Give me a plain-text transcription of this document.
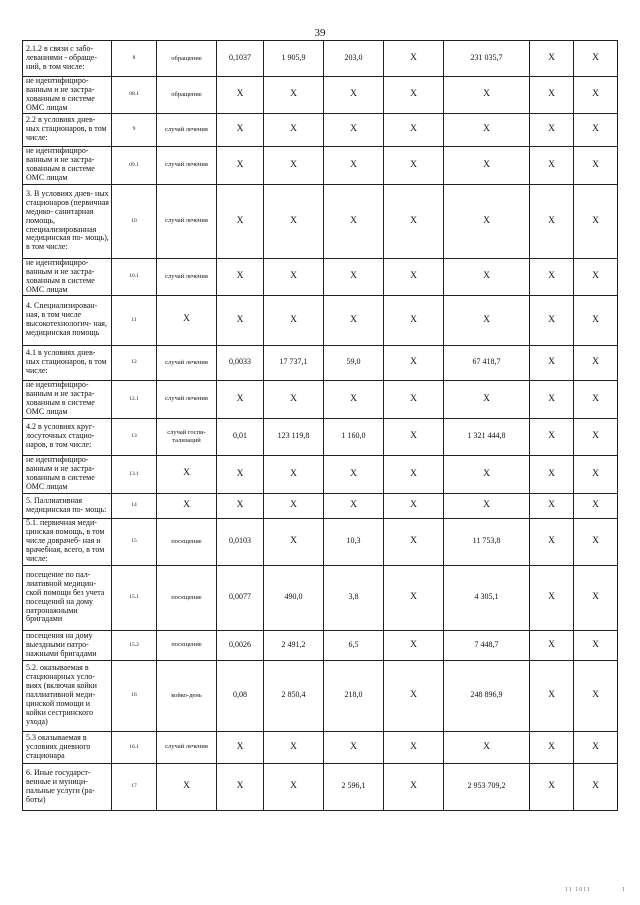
39
2.1.2 в связи с забо- леваниями - обраще- ний, в том числе:	8	обращение	0,1037	1 905,9	203,0	X	231 035,7	X	X
не идентифициро- ванным и не застра- хованным в системе ОМС лицам	08.1	обращение	X	X	X	X	X	X	X
2.2 в условиях днев- ных стационаров, в том числе:	9	случай лечения	X	X	X	X	X	X	X
не идентифициро- ванным и не застра- хованным в системе ОМС лицам	09.1	случай лечения	X	X	X	X	X	X	X
3. В условиях днев- ных стационаров (первичная медико- санитарная помощь, специализированная медицинская по- мощь), в том числе:	10	случай лечения	X	X	X	X	X	X	X
не идентифициро- ванным и не застра- хованным в системе ОМС лицам	10.1	случай лечения	X	X	X	X	X	X	X
4. Специализирован- ная, в том числе высокотехнологич- ная, медицинская помощь	11	X	X	X	X	X	X	X	X
4.1 в условиях днев- ных стационаров, в том числе:	12	случай лечения	0,0033	17 737,1	59,0	X	67 418,7	X	X
не идентифициро- ванным и не застра- хованным в системе ОМС лицам	12.1	случай лечения	X	X	X	X	X	X	X
4.2 в условиях круг- лосуточных стацио- наров, в том числе:	13	случай госпи- тализаций	0,01	123 119,8	1 160,0	X	1 321 444,8	X	X
не идентифициро- ванным и не застра- хованным в системе ОМС лицам	13.1	X	X	X	X	X	X	X	X
5. Паллиативная медицинская по- мощь:	14	X	X	X	X	X	X	X	X
5.1. первичная меди- цинская помощь, в том числе доврачеб- ная и врачебная, всего, в том числе:	15	посещение	0,0103	X	10,3	X	11 753,8	X	X
посещение по пал- лиативной медицин- ской помощи без учета посещений на дому патронажными бригадами	15.1	посещение	0,0077	490,0	3,8	X	4 305,1	X	X
посещения на дому выездными патро- нажными бригадами	15.2	посещение	0,0026	2 491,2	6,5	X	7 448,7	X	X
5.2. оказываемая в стационарных усло- виях (включая койки паллиативной меди- цинской помощи и койки сестринского ухода)	16	койко-день	0,08	2 850,4	218,0	X	248 896,9	X	X
5.3 оказываемая в условиях дневного стационара	16.1	случай лечения	X	X	X	X	X	X	X
6. Иные государст- венные и муници- пальные услуги (ра- боты)	17	X	X	X	2 596,1	X	2 953 709,2	X	X
11 1011	1
